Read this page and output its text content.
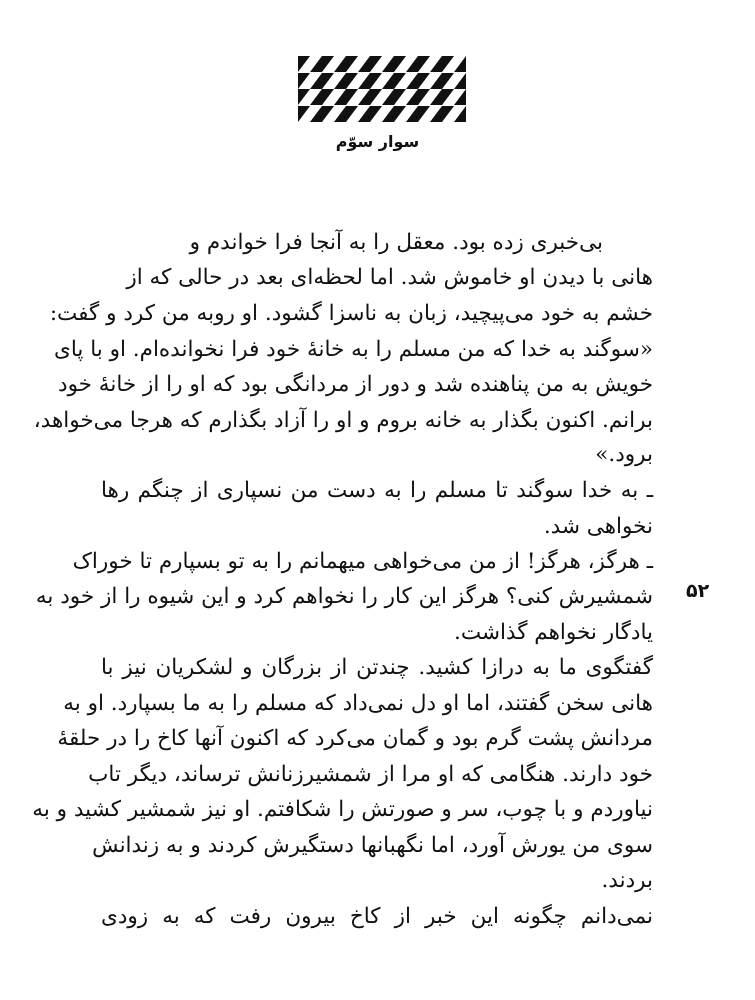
سوار سوّم
۵۲
بی‌خبری زده بود. معقل را به آنجا فرا خواندم و
هانی با دیدن او خاموش شد. اما لحظه‌ای بعد در حالی که از
خشم به خود می‌پیچید، زبان به ناسزا گشود. او روبه من کرد و گفت:
«سوگند به خدا که من مسلم را به خانهٔ خود فرا نخوانده‌ام. او با پای
خویش به من پناهنده شد و دور از مردانگی بود که او را از خانهٔ خود
برانم. اکنون بگذار به خانه بروم و او را آزاد بگذارم که هرجا می‌خواهد،
برود.»
ـ به خدا سوگند تا مسلم را به دست من نسپاری از چنگم رها
نخواهی شد.
ـ هرگز، هرگز! از من می‌خواهی میهمانم را به تو بسپارم تا خوراک
شمشیرش کنی؟ هرگز این کار را نخواهم کرد و این شیوه را از خود به
یادگار نخواهم گذاشت.
گفتگوی ما به درازا کشید. چندتن از بزرگان و لشکریان نیز با
هانی سخن گفتند، اما او دل نمی‌داد که مسلم را به ما بسپارد. او به
مردانش پشت گرم بود و گمان می‌کرد که اکنون آنها کاخ را در حلقهٔ
خود دارند. هنگامی که او مرا از شمشیرزنانش ترساند، دیگر تاب
نیاوردم و با چوب، سر و صورتش را شکافتم. او نیز شمشیر کشید و به
سوی من یورش آورد، اما نگهبانها دستگیرش کردند و به زندانش
بردند.
نمی‌دانم چگونه این خبر از کاخ بیرون رفت که به زودی
